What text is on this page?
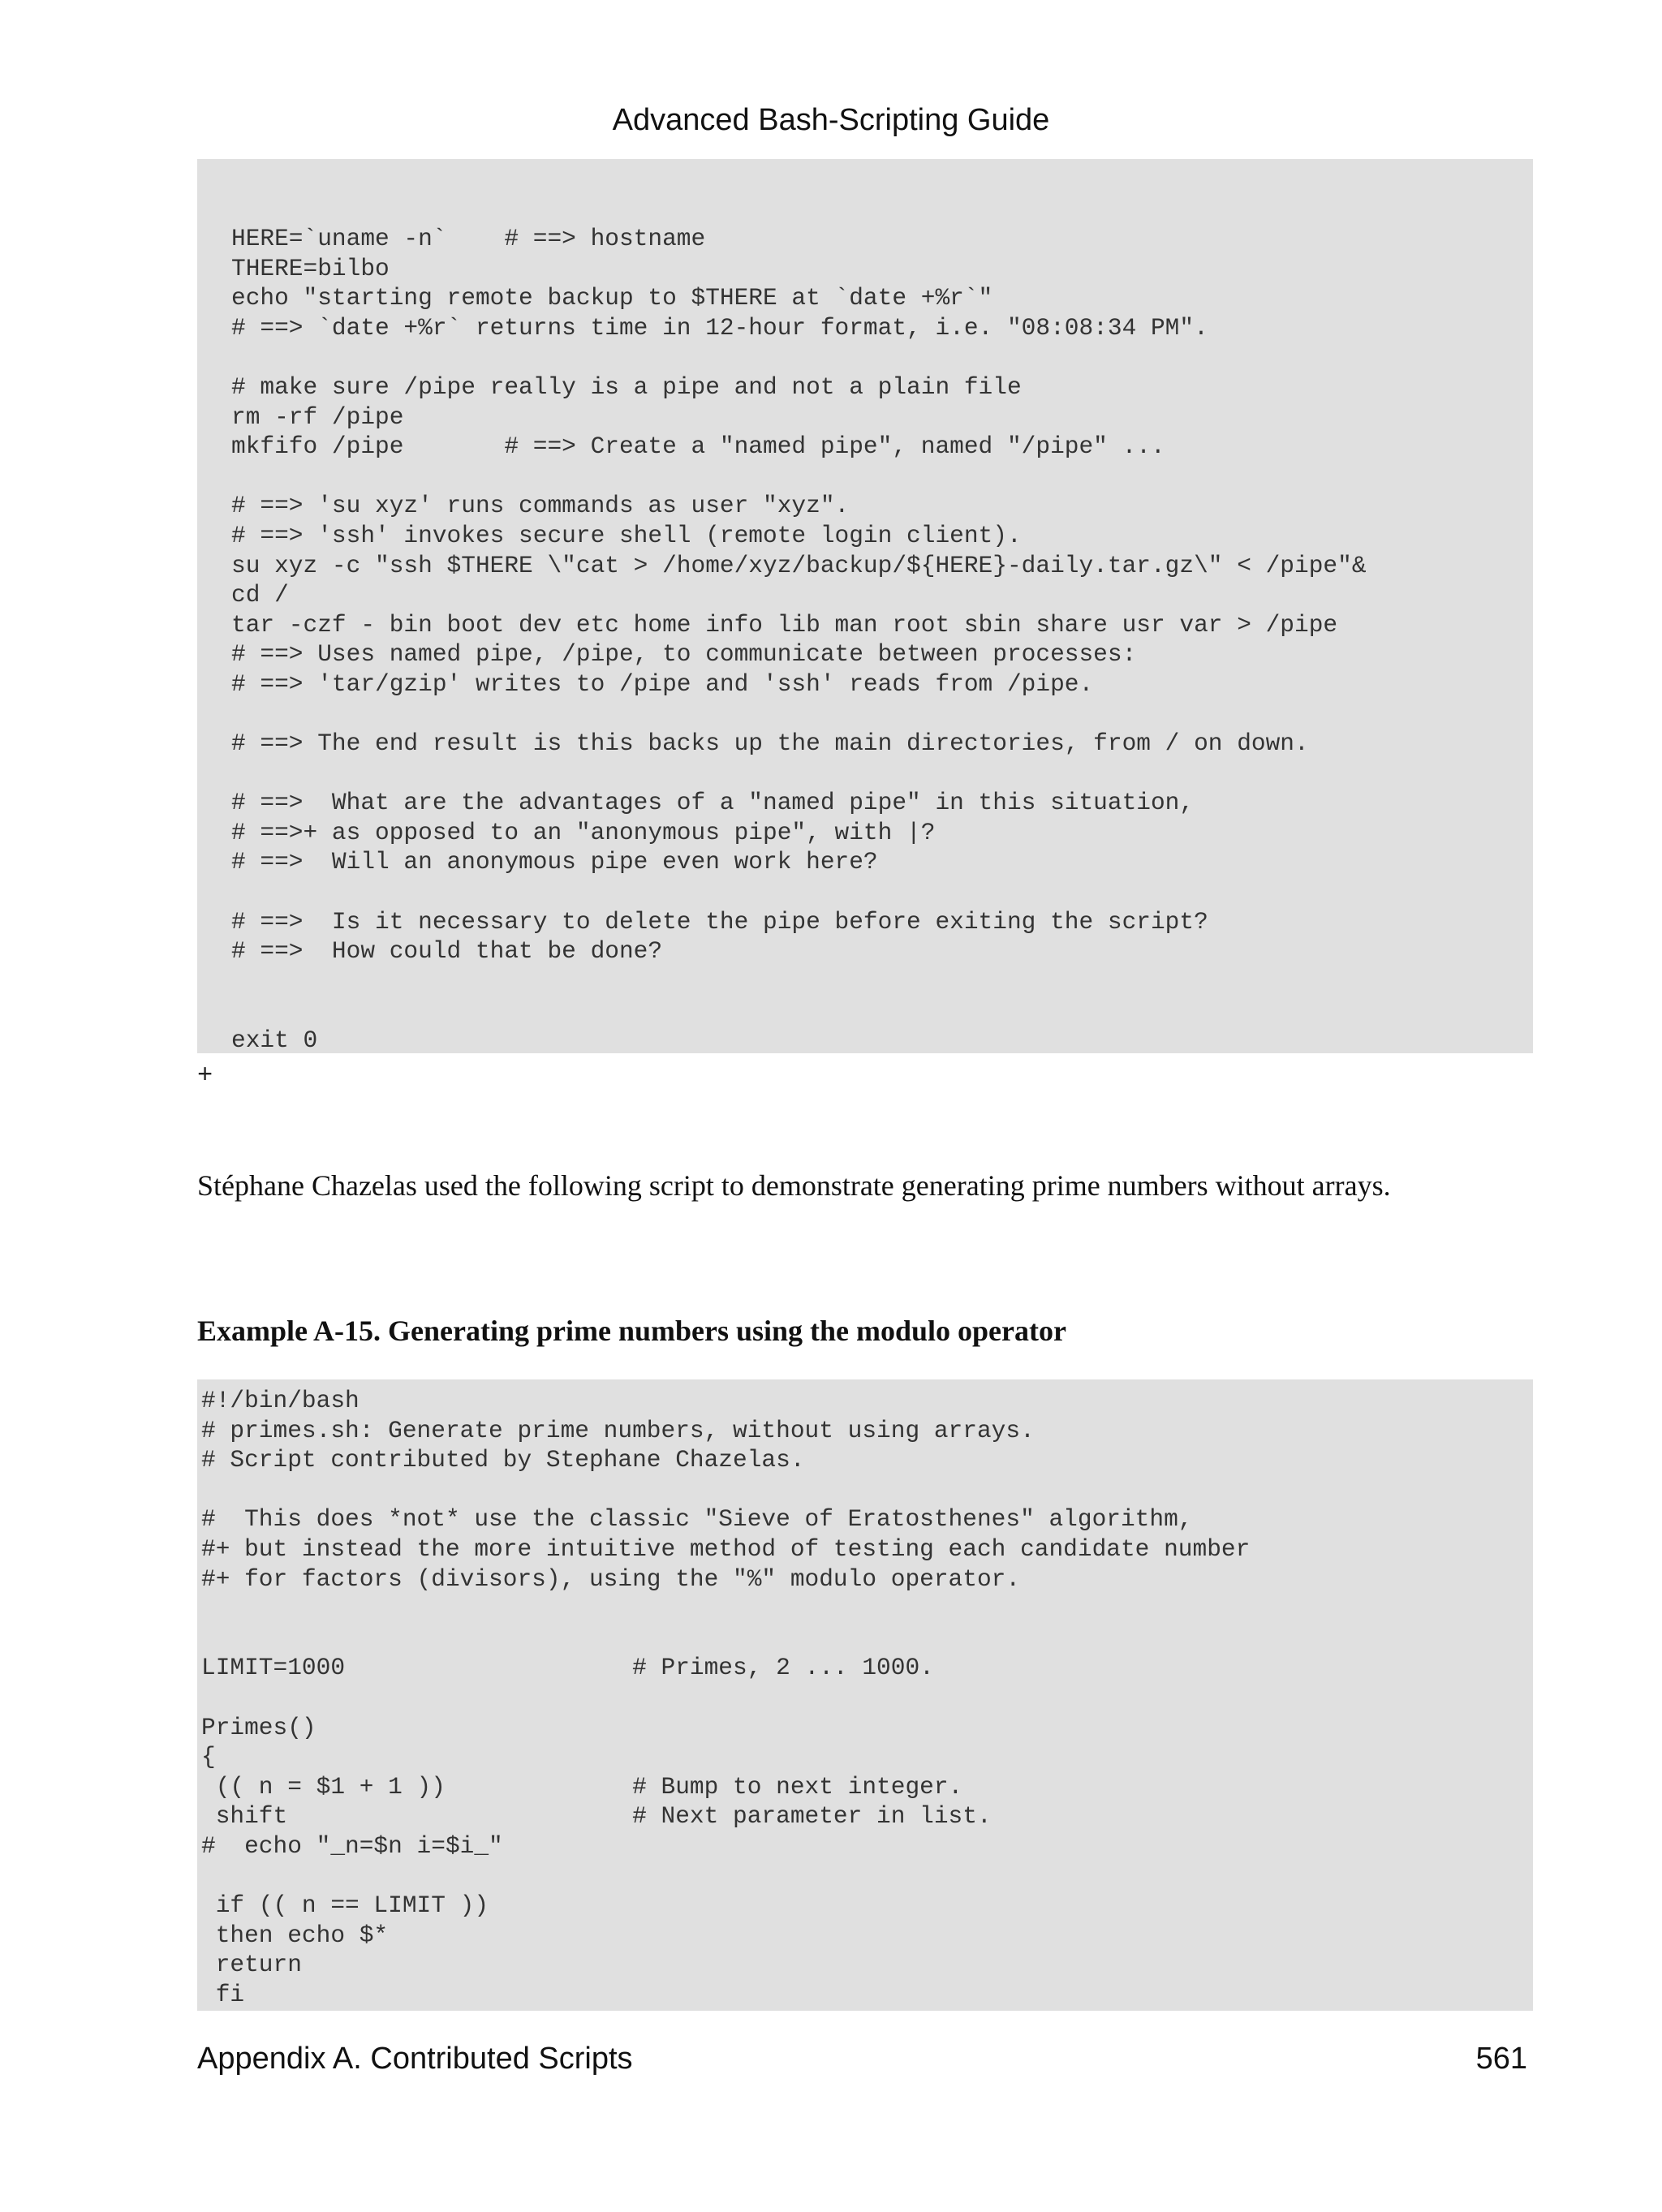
Advanced Bash-Scripting Guide
HERE=`uname -n`    # ==> hostname
THERE=bilbo
echo "starting remote backup to $THERE at `date +%r`"
# ==> `date +%r` returns time in 12-hour format, i.e. "08:08:34 PM".

# make sure /pipe really is a pipe and not a plain file
rm -rf /pipe
mkfifo /pipe       # ==> Create a "named pipe", named "/pipe" ...

# ==> 'su xyz' runs commands as user "xyz".
# ==> 'ssh' invokes secure shell (remote login client).
su xyz -c "ssh $THERE \"cat > /home/xyz/backup/${HERE}-daily.tar.gz\" < /pipe"&
cd /
tar -czf - bin boot dev etc home info lib man root sbin share usr var > /pipe
# ==> Uses named pipe, /pipe, to communicate between processes:
# ==> 'tar/gzip' writes to /pipe and 'ssh' reads from /pipe.

# ==> The end result is this backs up the main directories, from / on down.

# ==>  What are the advantages of a "named pipe" in this situation,
# ==>+ as opposed to an "anonymous pipe", with |?
# ==>  Will an anonymous pipe even work here?

# ==>  Is it necessary to delete the pipe before exiting the script?
# ==>  How could that be done?

exit 0
+
Stéphane Chazelas used the following script to demonstrate generating prime numbers without arrays.
Example A-15. Generating prime numbers using the modulo operator
#!/bin/bash
# primes.sh: Generate prime numbers, without using arrays.
# Script contributed by Stephane Chazelas.

#  This does *not* use the classic "Sieve of Eratosthenes" algorithm,
#+ but instead the more intuitive method of testing each candidate number
#+ for factors (divisors), using the "%" modulo operator.

LIMIT=1000                    # Primes, 2 ... 1000.

Primes()
{
(( n = $1 + 1 ))             # Bump to next integer.
shift                        # Next parameter in list.
#  echo "_n=$n i=$i_"

if (( n == LIMIT ))
then echo $*
return
fi
Appendix A. Contributed Scripts	561
